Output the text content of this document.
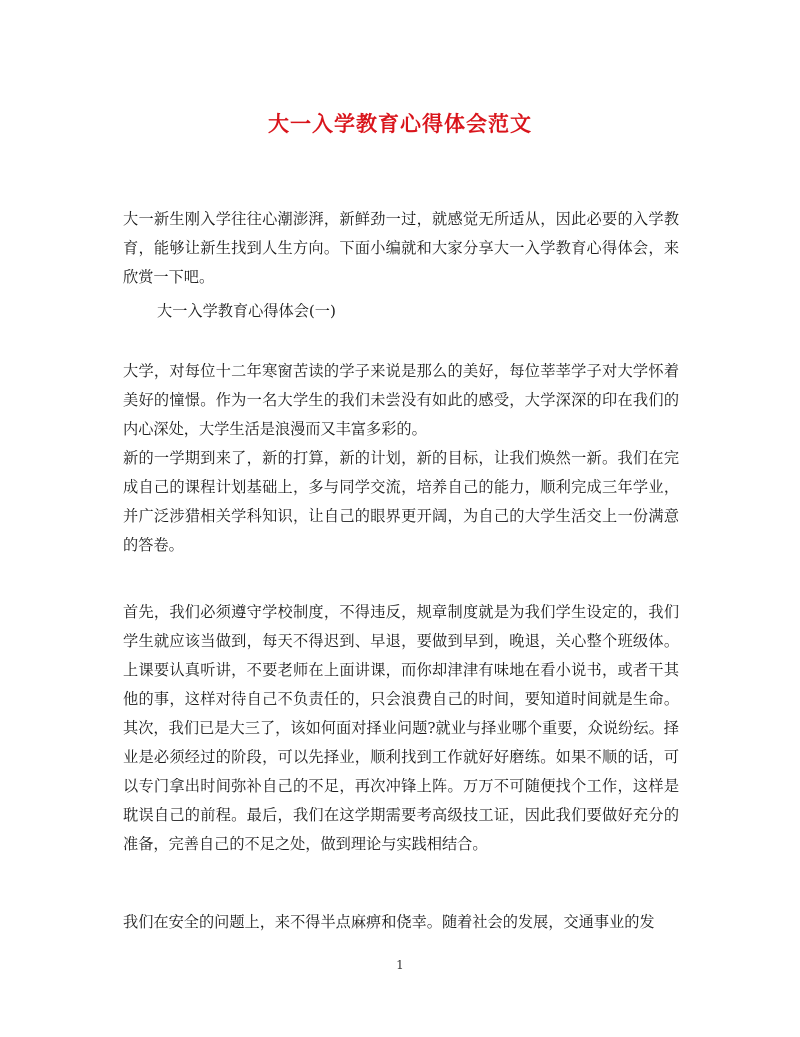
大一入学教育心得体会范文

大一新生刚入学往往心潮澎湃，新鲜劲一过，就感觉无所适从，因此必要的入学教育，能够让新生找到人生方向。下面小编就和大家分享大一入学教育心得体会，来欣赏一下吧。

大一入学教育心得体会(一)

大学，对每位十二年寒窗苦读的学子来说是那么的美好，每位莘莘学子对大学怀着美好的憧憬。作为一名大学生的我们未尝没有如此的感受，大学深深的印在我们的内心深处，大学生活是浪漫而又丰富多彩的。

新的一学期到来了，新的打算，新的计划，新的目标，让我们焕然一新。我们在完成自己的课程计划基础上，多与同学交流，培养自己的能力，顺利完成三年学业，并广泛涉猎相关学科知识，让自己的眼界更开阔，为自己的大学生活交上一份满意的答卷。

首先，我们必须遵守学校制度，不得违反，规章制度就是为我们学生设定的，我们学生就应该当做到，每天不得迟到、早退，要做到早到，晚退，关心整个班级体。上课要认真听讲，不要老师在上面讲课，而你却津津有味地在看小说书，或者干其他的事，这样对待自己不负责任的，只会浪费自己的时间，要知道时间就是生命。其次，我们已是大三了，该如何面对择业问题?就业与择业哪个重要，众说纷纭。择业是必须经过的阶段，可以先择业，顺利找到工作就好好磨练。如果不顺的话，可以专门拿出时间弥补自己的不足，再次冲锋上阵。万万不可随便找个工作，这样是耽误自己的前程。最后，我们在这学期需要考高级技工证，因此我们要做好充分的准备，完善自己的不足之处，做到理论与实践相结合。

我们在安全的问题上，来不得半点麻痹和侥幸。随着社会的发展，交通事业的发

1
